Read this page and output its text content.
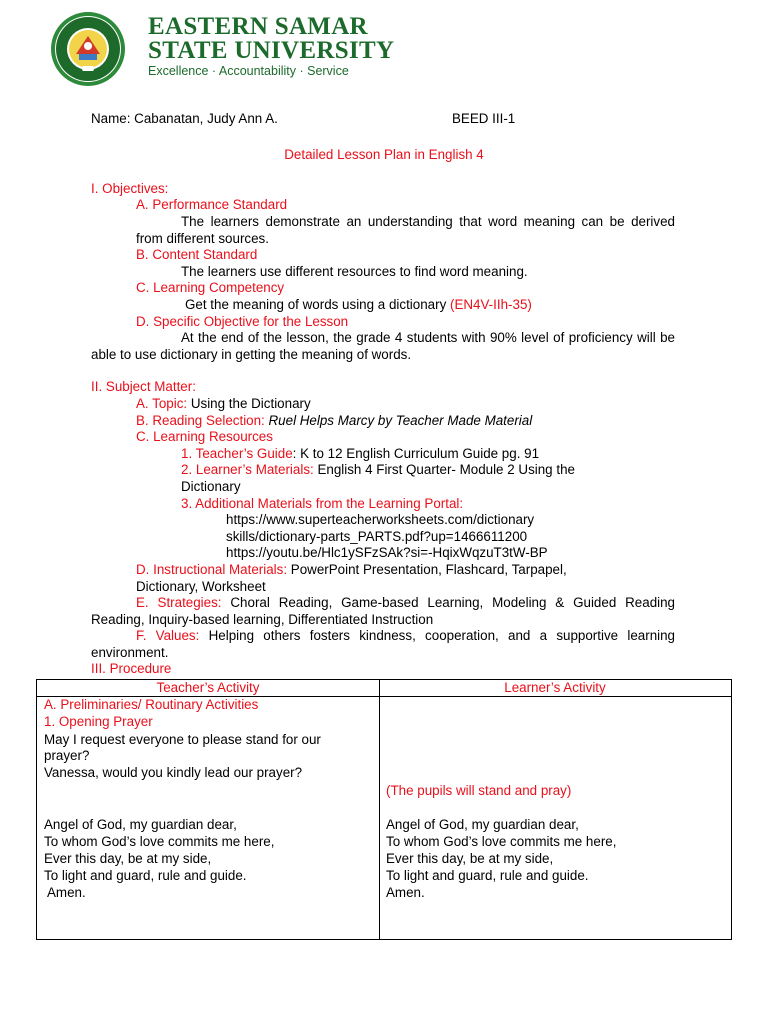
EASTERN SAMAR
STATE UNIVERSITY
Excellence · Accountability · Service
Name: Cabanatan, Judy Ann A.	BEED III-1
Detailed Lesson Plan in English 4
I. Objectives:
A. Performance Standard
The learners demonstrate an understanding that word meaning can be derived from different sources.
B. Content Standard
The learners use different resources to find word meaning.
C. Learning Competency
Get the meaning of words using a dictionary (EN4V-IIh-35)
D. Specific Objective for the Lesson
At the end of the lesson, the grade 4 students with 90% level of proficiency will be able to use dictionary in getting the meaning of words.
II. Subject Matter:
A. Topic: Using the Dictionary
B. Reading Selection: Ruel Helps Marcy by Teacher Made Material
C. Learning Resources
1. Teacher’s Guide: K to 12 English Curriculum Guide pg. 91
2. Learner’s Materials: English 4 First Quarter- Module 2 Using the
Dictionary
3. Additional Materials from the Learning Portal:
https://www.superteacherworksheets.com/dictionary
skills/dictionary-parts_PARTS.pdf?up=1466611200
https://youtu.be/Hlc1ySFzSAk?si=-HqixWqzuT3tW-BP
D. Instructional Materials: PowerPoint Presentation, Flashcard, Tarpapel,
Dictionary, Worksheet
E. Strategies: Choral Reading, Game-based Learning, Modeling & Guided Reading Reading, Inquiry-based learning, Differentiated Instruction
F. Values: Helping others fosters kindness, cooperation, and a supportive learning environment.
III. Procedure
Teacher’s Activity	Learner’s Activity
A. Preliminaries/ Routinary Activities
1. Opening Prayer
May I request everyone to please stand for our
prayer?
Vanessa, would you kindly lead our prayer?
(The pupils will stand and pray)
Angel of God, my guardian dear,
To whom God’s love commits me here,
Ever this day, be at my side,
To light and guard, rule and guide.
Amen.
Angel of God, my guardian dear,
To whom God’s love commits me here,
Ever this day, be at my side,
To light and guard, rule and guide.
Amen.
